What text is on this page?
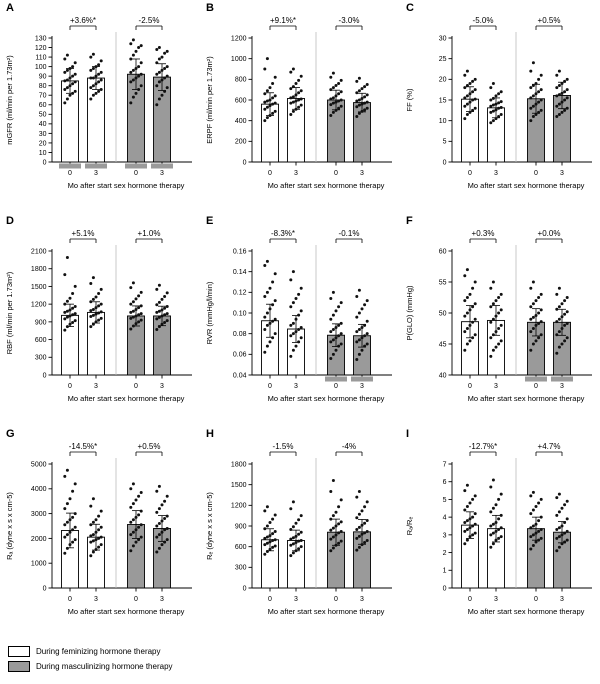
During feminizing hormone therapy
During masculinizing hormone therapy
A
0
10
20
30
40
50
60
70
80
90
100
110
120
130
mGFR (ml/min per 1.73m²)
0	3	0	3
+3.6%*	-2.5%
Mo after start sex hormone therapy
B
0
200
400
600
800
1000
1200
ERPF (ml/min per 1.73m²)
0	3	0	3
+9.1%*	-3.0%
Mo after start sex hormone therapy
C
0
5
10
15
20
25
30
FF (%)
0	3	0	3
-5.0%	+0.5%
Mo after start sex hormone therapy
D
0
300
600
900
1200
1500
1800
2100
RBF (ml/min per 1.73m²)
0	3	0	3
+5.1%	+1.0%
Mo after start sex hormone therapy
E
0.04
0.06
0.08
0.10
0.12
0.14
0.16
RVR (mmHg/l/min)
0	3	0	3
-8.3%*	-0.1%
Mo after start sex hormone therapy
F
40
45
50
55
60
P(GLO) (mmHg)
0	3	0	3
+0.3%	+0.0%
Mo after start sex hormone therapy
G
0
1000
2000
3000
4000
5000
Rₐ (dyne x s x cm-5)
0	3	0	3
-14.5%*	+0.5%
Mo after start sex hormone therapy
H
0
300
600
900
1200
1500
1800
Rₑ (dyne x s x cm-5)
0	3	0	3
-1.5%	-4%
Mo after start sex hormone therapy
I
0
1
2
3
4
5
6
7
Rₐ/Rₑ
0	3	0	3
-12.7%*	+4.7%
Mo after start sex hormone therapy
